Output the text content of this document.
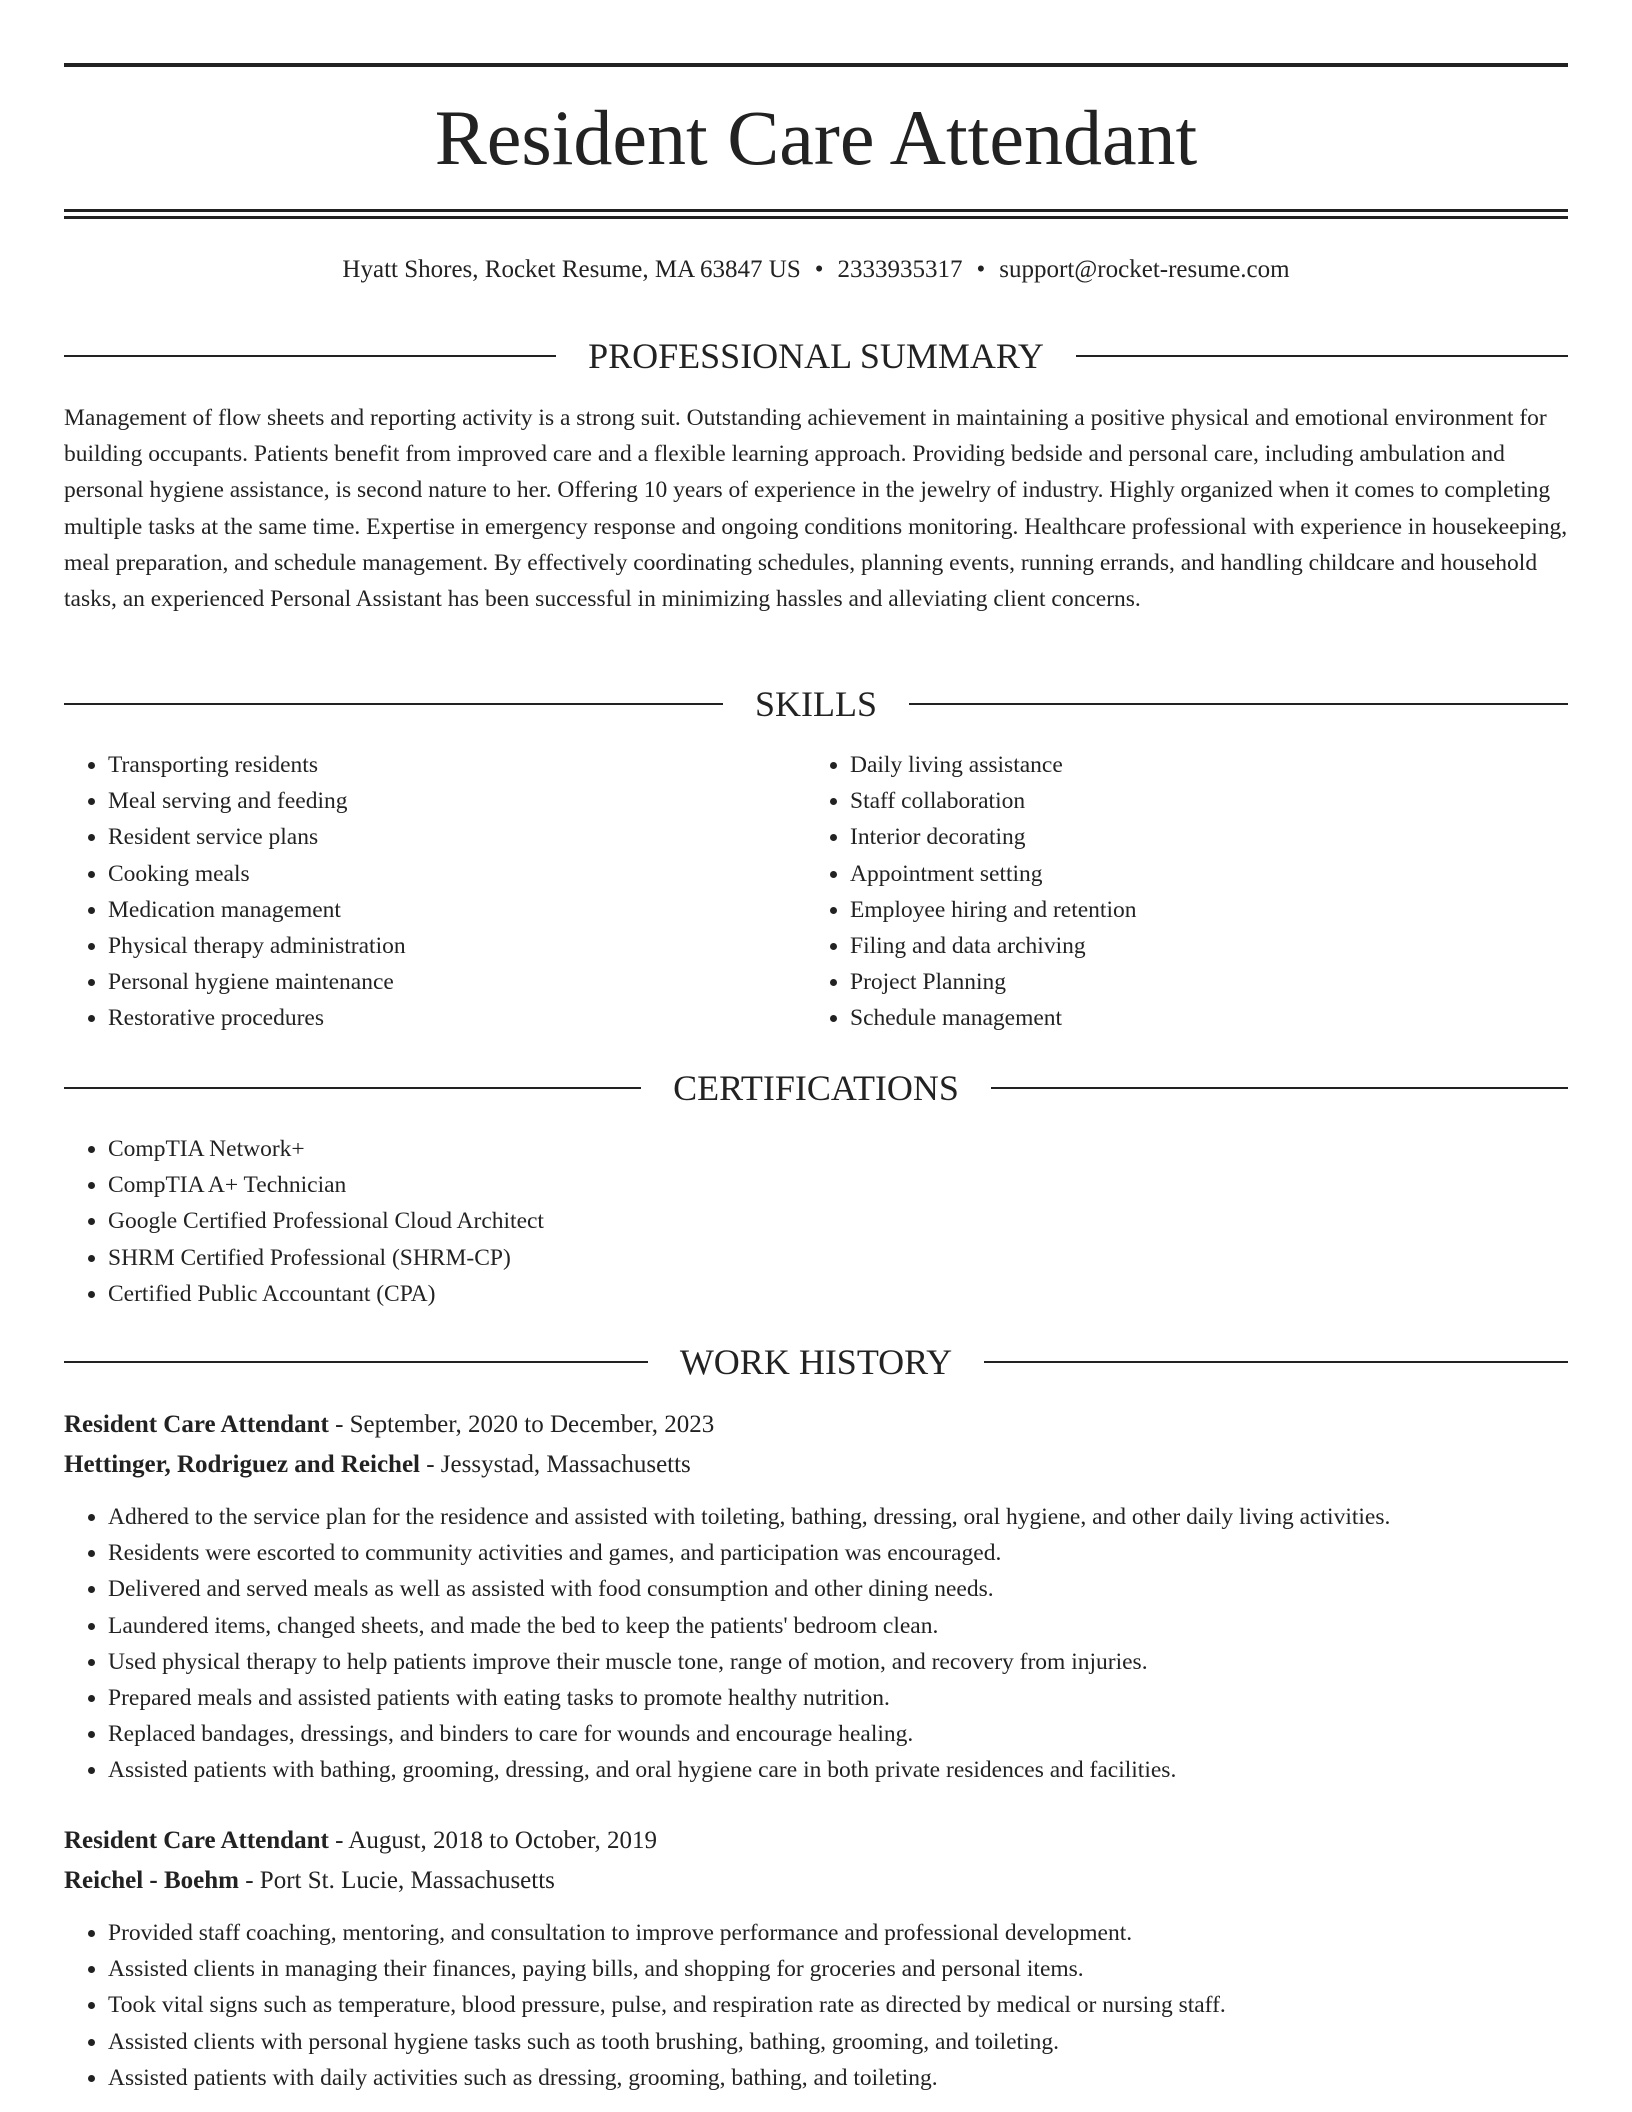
Resident Care Attendant
Hyatt Shores, Rocket Resume, MA 63847 US • 2333935317 • support@rocket-resume.com
PROFESSIONAL SUMMARY

Management of flow sheets and reporting activity is a strong suit. Outstanding achievement in maintaining a positive physical and emotional environment for building occupants. Patients benefit from improved care and a flexible learning approach. Providing bedside and personal care, including ambulation and personal hygiene assistance, is second nature to her. Offering 10 years of experience in the jewelry of industry. Highly organized when it comes to completing multiple tasks at the same time. Expertise in emergency response and ongoing conditions monitoring. Healthcare professional with experience in housekeeping, meal preparation, and schedule management. By effectively coordinating schedules, planning events, running errands, and handling childcare and household tasks, an experienced Personal Assistant has been successful in minimizing hassles and alleviating client concerns.

SKILLS
• Transporting residents
• Meal serving and feeding
• Resident service plans
• Cooking meals
• Medication management
• Physical therapy administration
• Personal hygiene maintenance
• Restorative procedures
• Daily living assistance
• Staff collaboration
• Interior decorating
• Appointment setting
• Employee hiring and retention
• Filing and data archiving
• Project Planning
• Schedule management
CERTIFICATIONS
• CompTIA Network+
• CompTIA A+ Technician
• Google Certified Professional Cloud Architect
• SHRM Certified Professional (SHRM-CP)
• Certified Public Accountant (CPA)
WORK HISTORY
Resident Care Attendant - September, 2020 to December, 2023
Hettinger, Rodriguez and Reichel - Jessystad, Massachusetts
• Adhered to the service plan for the residence and assisted with toileting, bathing, dressing, oral hygiene, and other daily living activities.
• Residents were escorted to community activities and games, and participation was encouraged.
• Delivered and served meals as well as assisted with food consumption and other dining needs.
• Laundered items, changed sheets, and made the bed to keep the patients' bedroom clean.
• Used physical therapy to help patients improve their muscle tone, range of motion, and recovery from injuries.
• Prepared meals and assisted patients with eating tasks to promote healthy nutrition.
• Replaced bandages, dressings, and binders to care for wounds and encourage healing.
• Assisted patients with bathing, grooming, dressing, and oral hygiene care in both private residences and facilities.
Resident Care Attendant - August, 2018 to October, 2019
Reichel - Boehm - Port St. Lucie, Massachusetts
• Provided staff coaching, mentoring, and consultation to improve performance and professional development.
• Assisted clients in managing their finances, paying bills, and shopping for groceries and personal items.
• Took vital signs such as temperature, blood pressure, pulse, and respiration rate as directed by medical or nursing staff.
• Assisted clients with personal hygiene tasks such as tooth brushing, bathing, grooming, and toileting.
• Assisted patients with daily activities such as dressing, grooming, bathing, and toileting.
